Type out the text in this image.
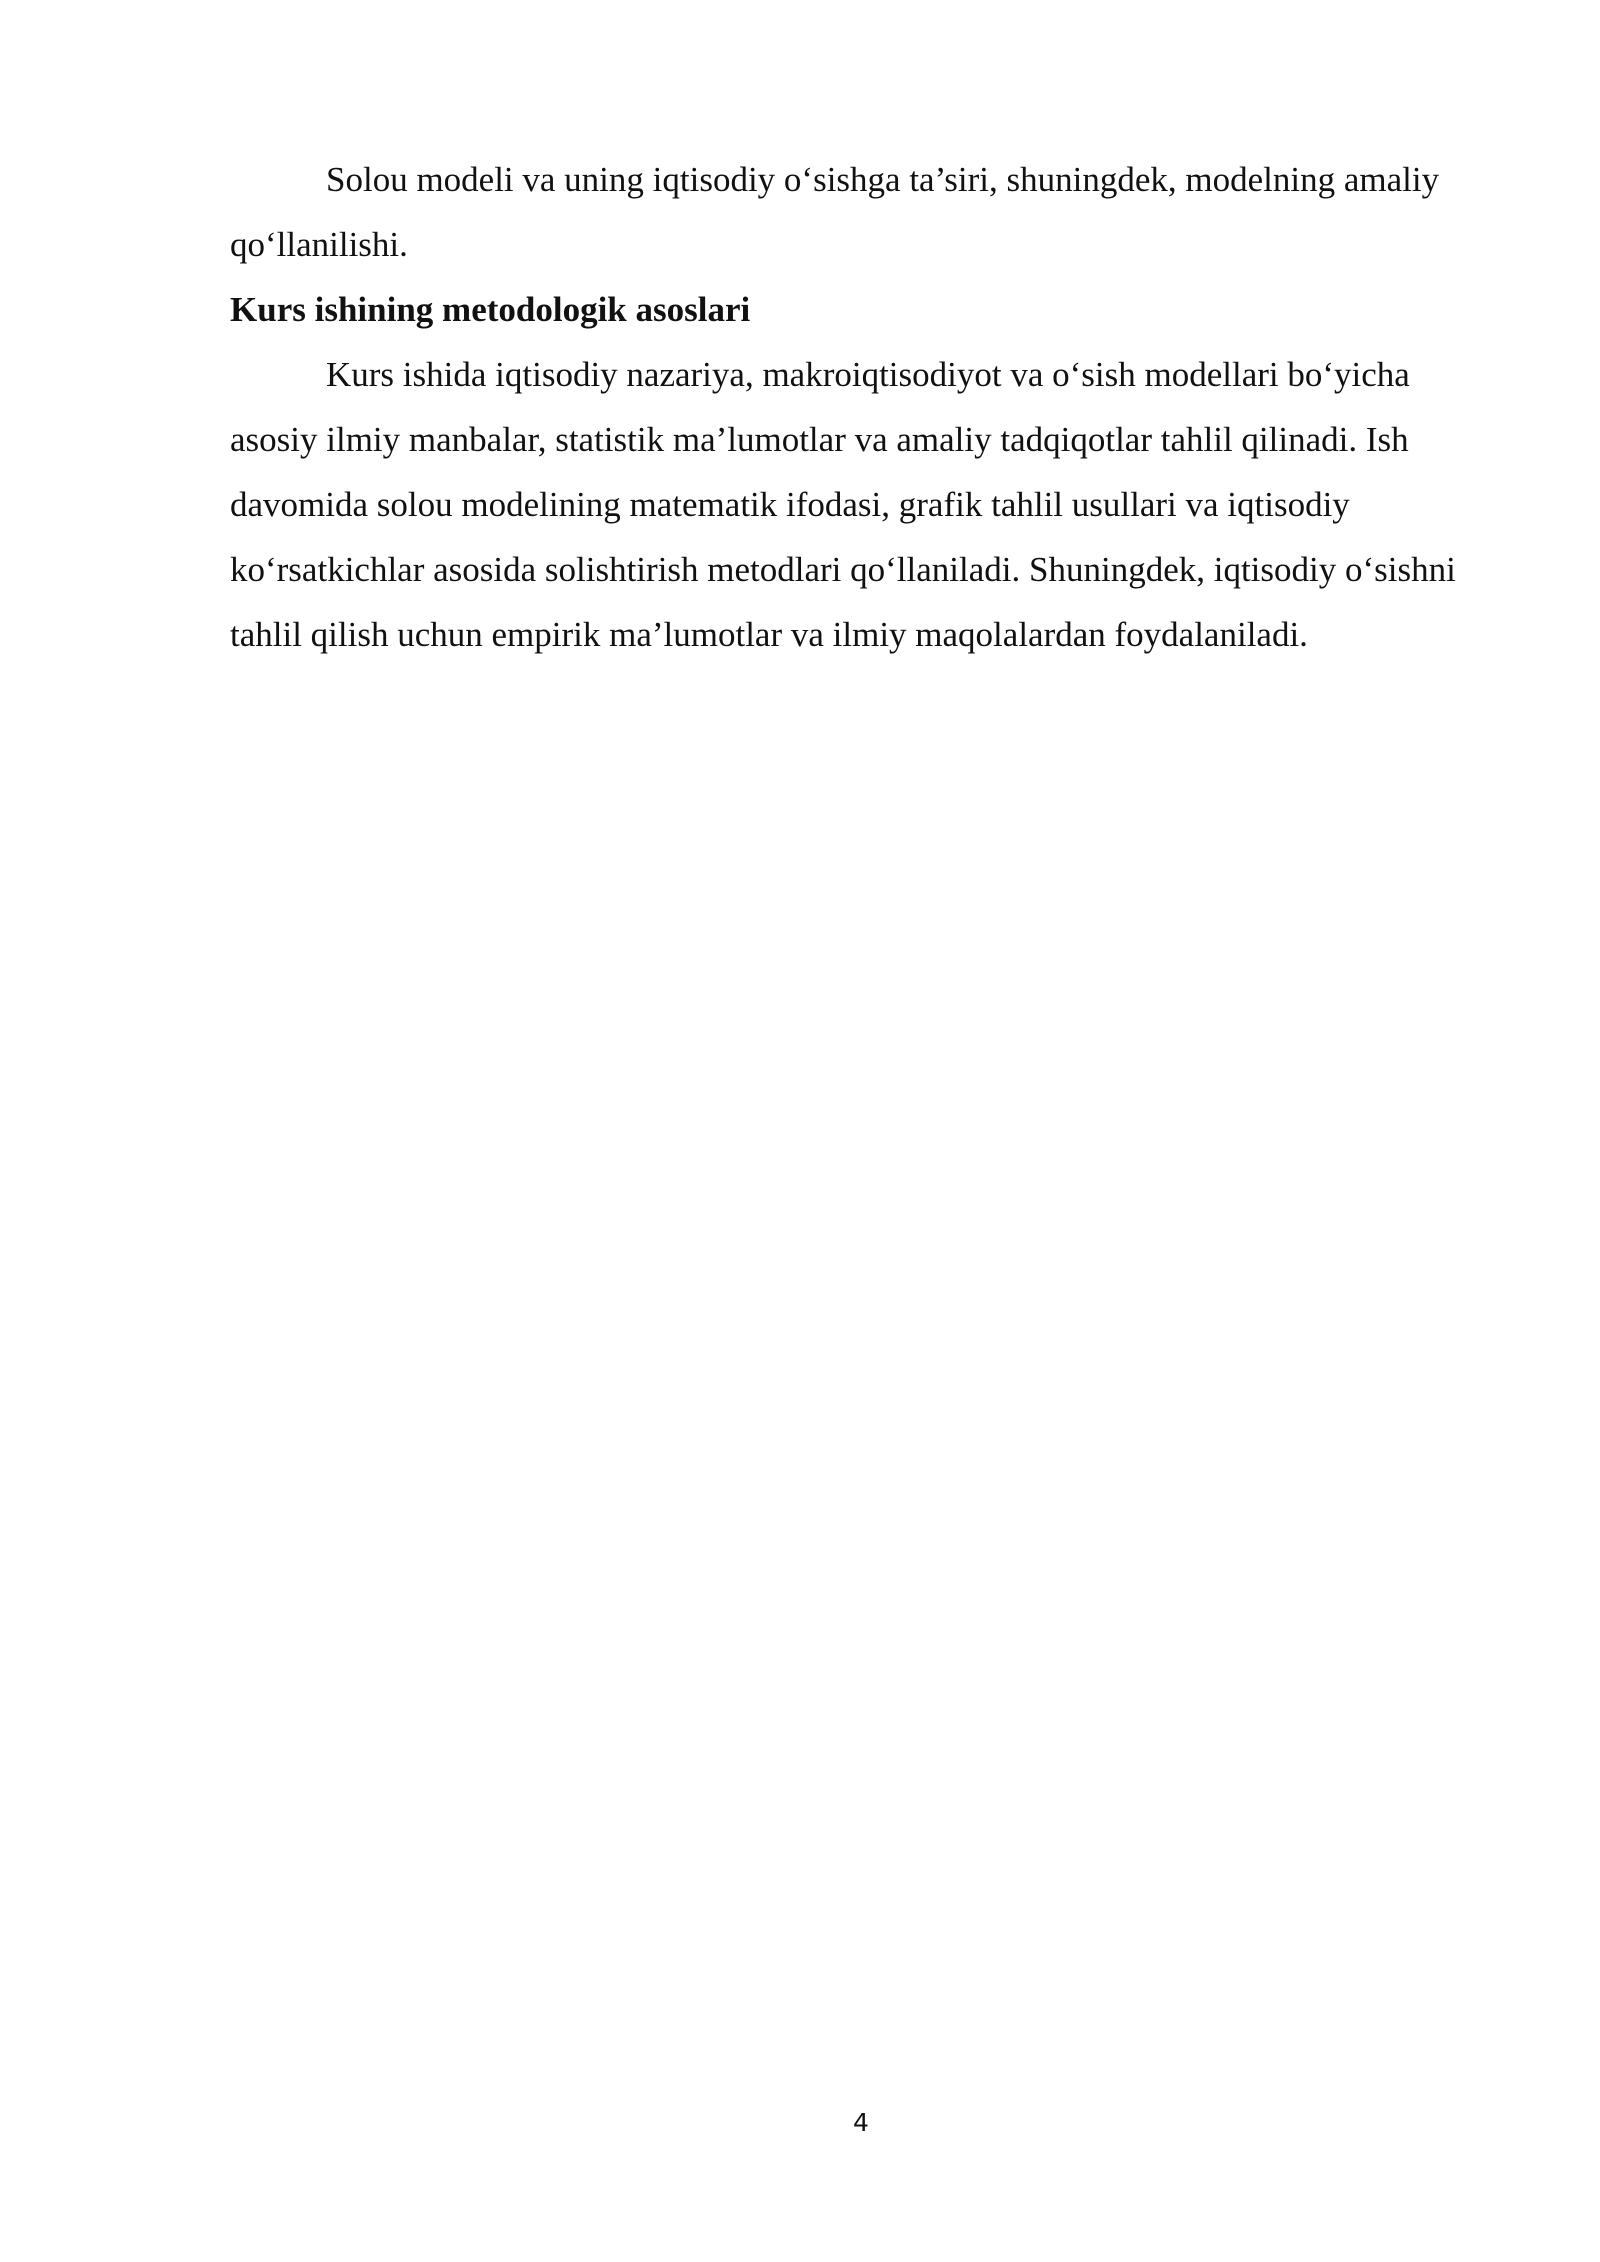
Solou modeli va uning iqtisodiy o‘sishga ta’siri, shuningdek, modelning amaliy qo‘llanilishi.

Kurs ishining metodologik asoslari

Kurs ishida iqtisodiy nazariya, makroiqtisodiyot va o‘sish modellari bo‘yicha asosiy ilmiy manbalar, statistik ma’lumotlar va amaliy tadqiqotlar tahlil qilinadi. Ish davomida solou modelining matematik ifodasi, grafik tahlil usullari va iqtisodiy ko‘rsatkichlar asosida solishtirish metodlari qo‘llaniladi. Shuningdek, iqtisodiy o‘sishni tahlil qilish uchun empirik ma’lumotlar va ilmiy maqolalardan foydalaniladi.

4
